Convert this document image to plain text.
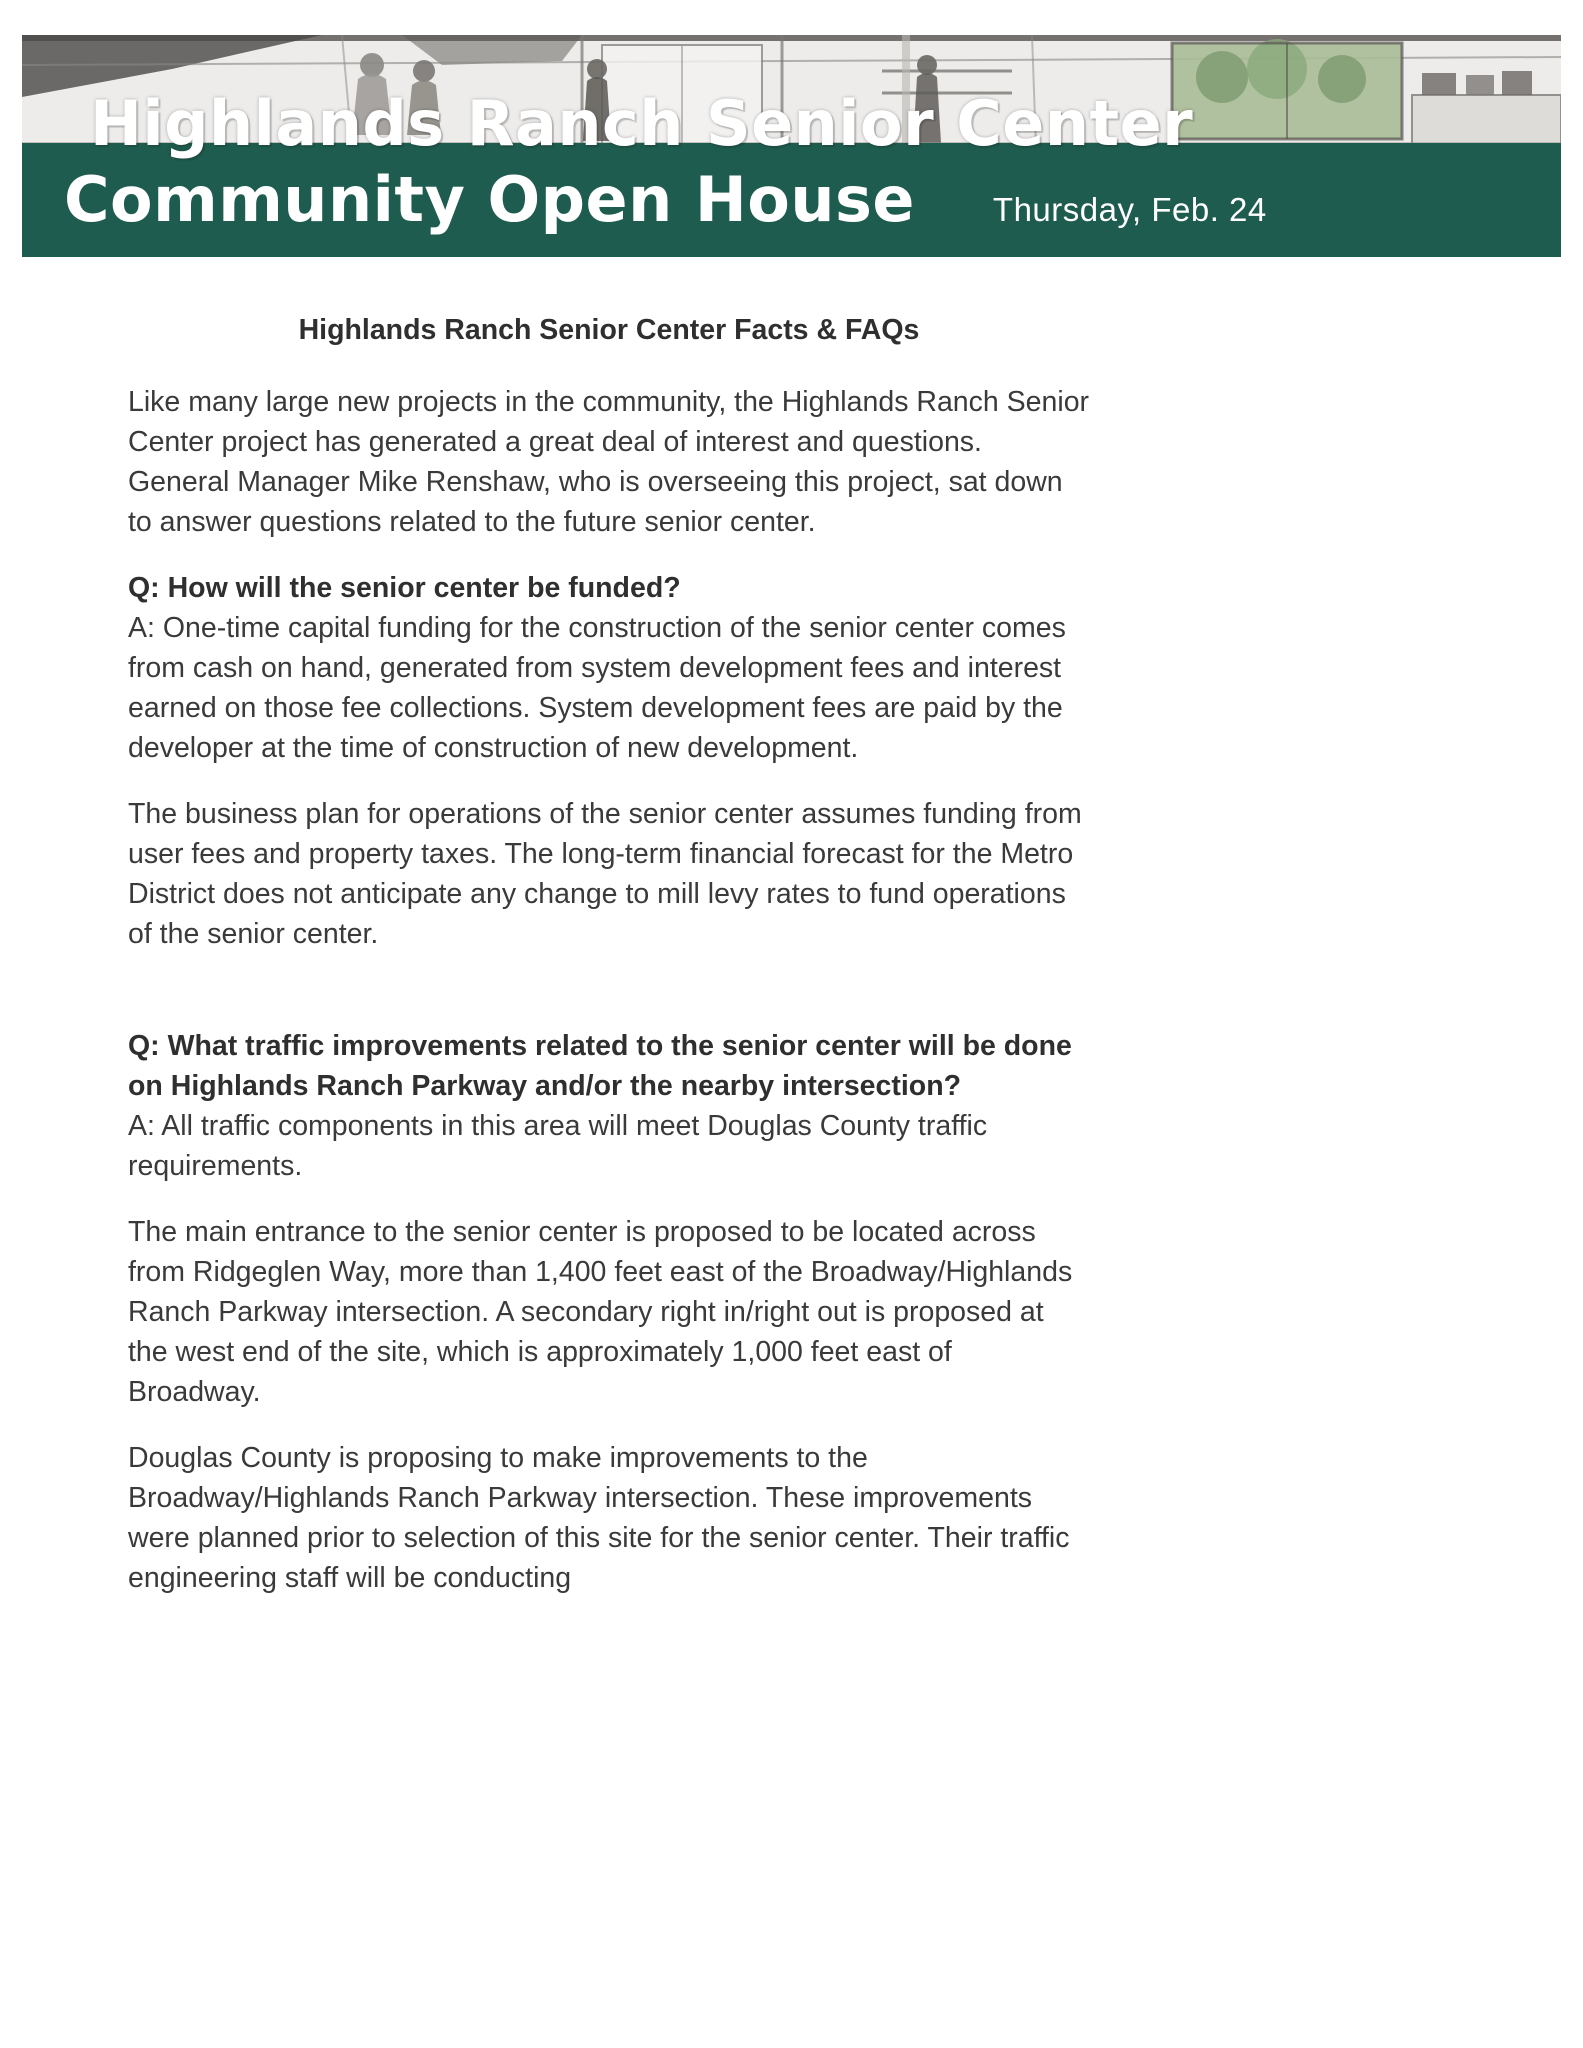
Highlands Ranch Senior Center
Community Open House Thursday, Feb. 24
Highlands Ranch Senior Center Facts & FAQs

Like many large new projects in the community, the Highlands Ranch Senior Center project has generated a great deal of interest and questions. General Manager Mike Renshaw, who is overseeing this project, sat down to answer questions related to the future senior center.

Q: How will the senior center be funded?

A: One-time capital funding for the construction of the senior center comes from cash on hand, generated from system development fees and interest earned on those fee collections. System development fees are paid by the developer at the time of construction of new development.

The business plan for operations of the senior center assumes funding from user fees and property taxes. The long-term financial forecast for the Metro District does not anticipate any change to mill levy rates to fund operations of the senior center.

Q: What traffic improvements related to the senior center will be done on Highlands Ranch Parkway and/or the nearby intersection?

A: All traffic components in this area will meet Douglas County traffic requirements.

The main entrance to the senior center is proposed to be located across from Ridgeglen Way, more than 1,400 feet east of the Broadway/Highlands Ranch Parkway intersection. A secondary right in/right out is proposed at the west end of the site, which is approximately 1,000 feet east of Broadway.

Douglas County is proposing to make improvements to the Broadway/Highlands Ranch Parkway intersection. These improvements were planned prior to selection of this site for the senior center. Their traffic engineering staff will be conducting
